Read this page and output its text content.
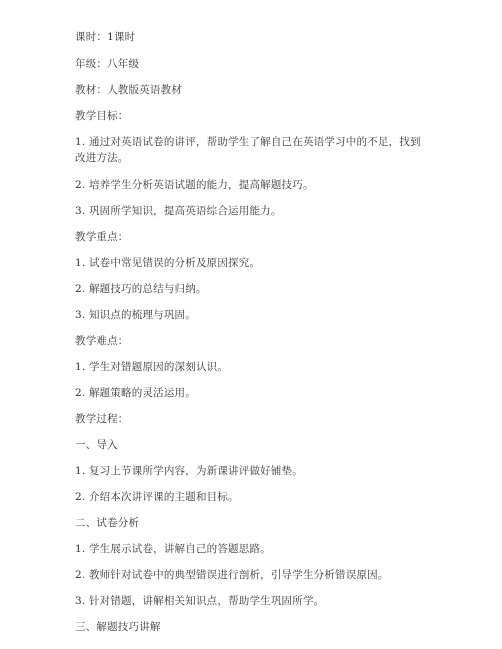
课时：1课时
年级：八年级
教材：人教版英语教材
教学目标：
1. 通过对英语试卷的讲评，帮助学生了解自己在英语学习中的不足，找到改进方法。
2. 培养学生分析英语试题的能力，提高解题技巧。
3. 巩固所学知识，提高英语综合运用能力。
教学重点：
1. 试卷中常见错误的分析及原因探究。
2. 解题技巧的总结与归纳。
3. 知识点的梳理与巩固。
教学难点：
1. 学生对错题原因的深刻认识。
2. 解题策略的灵活运用。
教学过程：
一、导入
1. 复习上节课所学内容，为新课讲评做好铺垫。
2. 介绍本次讲评课的主题和目标。
二、试卷分析
1. 学生展示试卷，讲解自己的答题思路。
2. 教师针对试卷中的典型错误进行剖析，引导学生分析错误原因。
3. 针对错题，讲解相关知识点，帮助学生巩固所学。
三、解题技巧讲解
